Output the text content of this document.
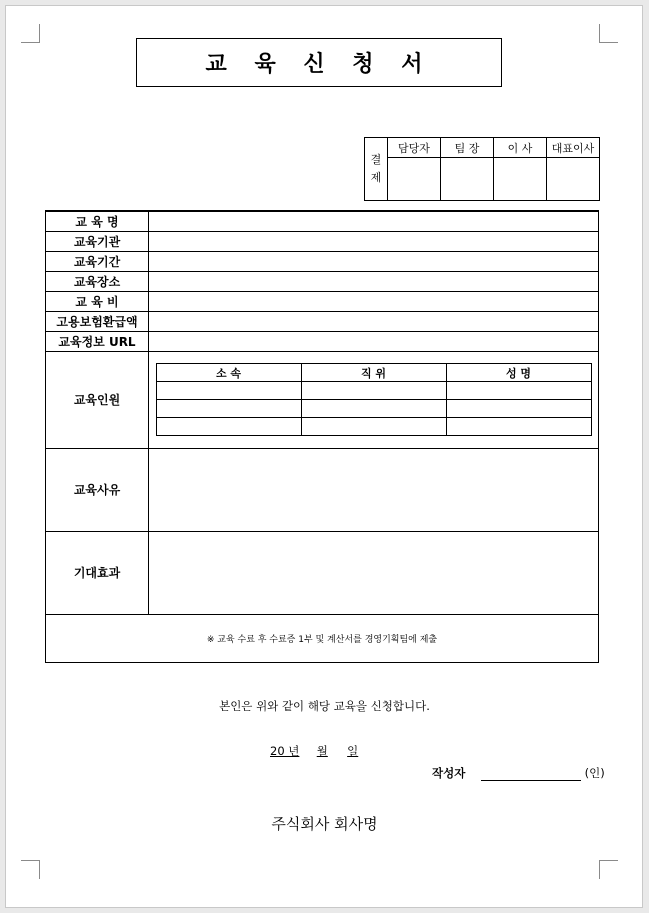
교 육 신 청 서
결
제	담당자	팀 장	이 사	대표이사

교 육 명	
교육기관	
교육기간	
교육장소	
교 육 비	
고용보험환급액	
교육정보 URL	
교육인원	
소 속	직 위	성 명

교육사유	
기대효과	
※ 교육 수료 후 수료증 1부 및 계산서를 경영기획팀에 제출
본인은 위와 같이 해당 교육을 신청합니다.
20 년 월 일
작성자	(인)
주식회사 회사명
